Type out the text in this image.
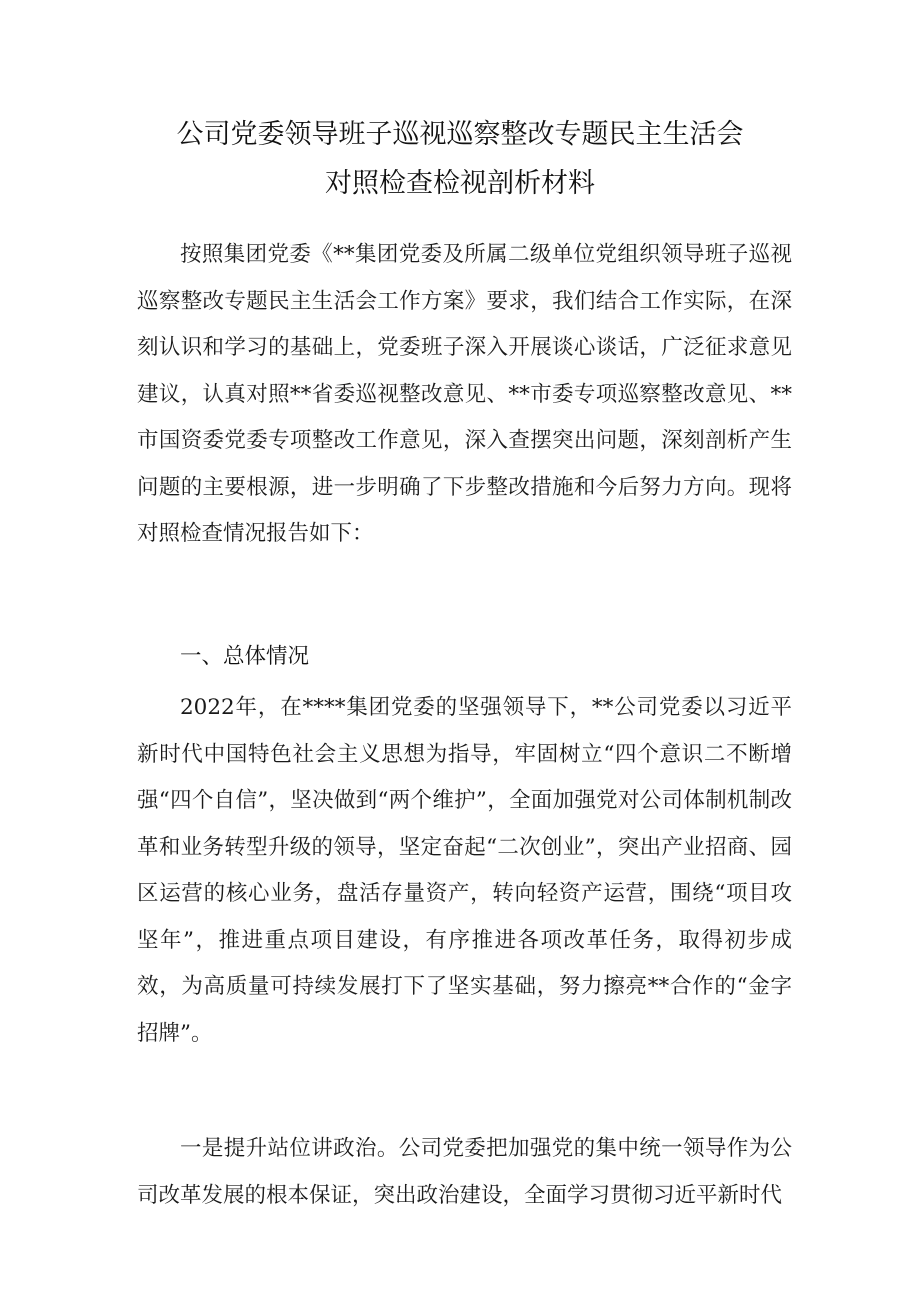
公司党委领导班子巡视巡察整改专题民主生活会
对照检查检视剖析材料

按照集团党委《**集团党委及所属二级单位党组织领导班子巡视巡察整改专题民主生活会工作方案》要求，我们结合工作实际，在深刻认识和学习的基础上，党委班子深入开展谈心谈话，广泛征求意见建议，认真对照**省委巡视整改意见、**市委专项巡察整改意见、**市国资委党委专项整改工作意见，深入查摆突出问题，深刻剖析产生问题的主要根源，进一步明确了下步整改措施和今后努力方向。现将对照检查情况报告如下：

一、总体情况

2022年，在****集团党委的坚强领导下，**公司党委以习近平新时代中国特色社会主义思想为指导，牢固树立“四个意识二不断增强“四个自信”，坚决做到“两个维护”，全面加强党对公司体制机制改革和业务转型升级的领导，坚定奋起“二次创业”，突出产业招商、园区运营的核心业务，盘活存量资产，转向轻资产运营，围绕“项目攻坚年”，推进重点项目建设，有序推进各项改革任务，取得初步成效，为高质量可持续发展打下了坚实基础，努力擦亮**合作的“金字招牌”。

一是提升站位讲政治。公司党委把加强党的集中统一领导作为公司改革发展的根本保证，突出政治建设，全面学习贯彻习近平新时代
